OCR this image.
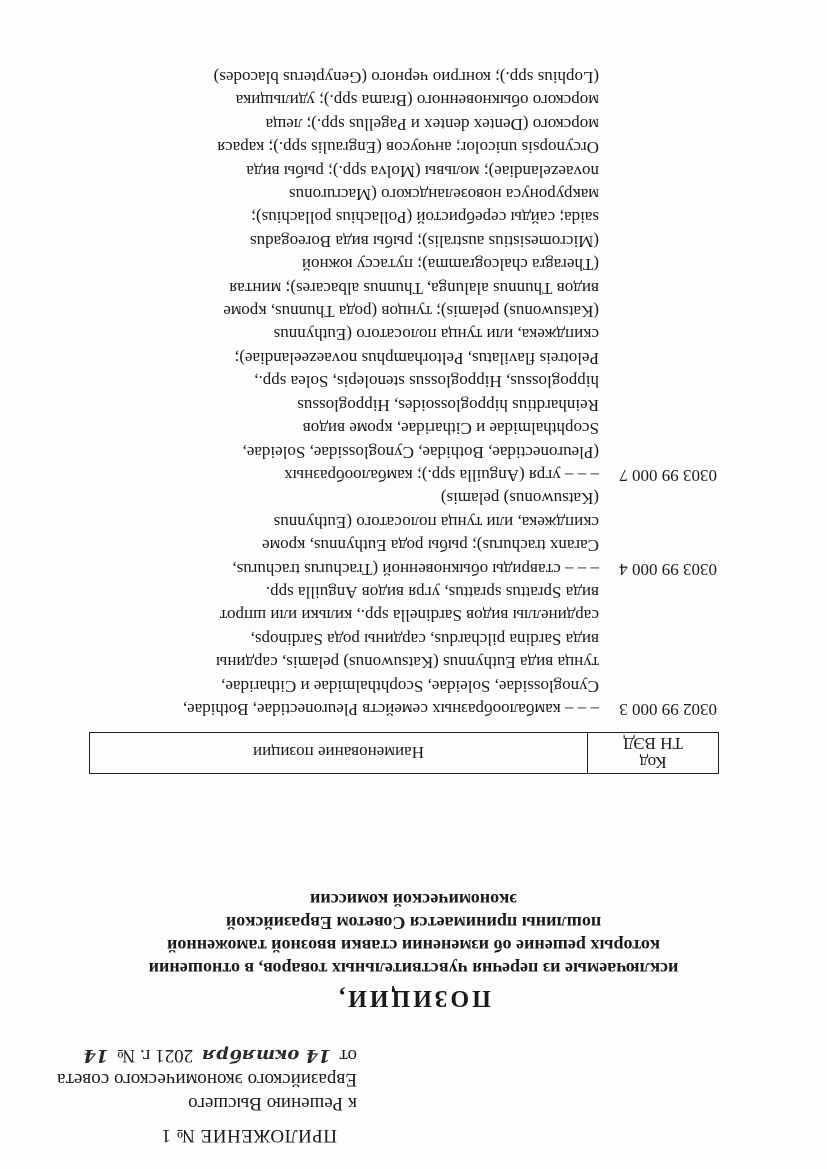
ПРИЛОЖЕНИЕ № 1
к Решению Высшего
Евразийского экономического совета
от 14 октября 2021 г. № 14
ПОЗИЦИИ,
исключаемые из перечня чувствительных товаров, в отношении
которых решение об изменении ставки ввозной таможенной
пошлины принимается Советом Евразийской
экономической комиссии
Код
ТН ВЭД
	Наименование позиции
0302 99 000 3
– – – камбалообразных семейств Pleuronectidae, Bothidae,
Cynoglossidae, Soleidae, Scophthalmidae и Citharidae,
тунца вида Euthynnus (Katsuwonus) pelamis, сардины
вида Sardina pilchardus, сардины рода Sardinops,
сардинеллы видов Sardinella spp., кильки или шпрот
вида Sprattus sprattus, угря видов Anguilla spp.
0303 99 000 4
– – – ставриды обыкновенной (Trachurus trachurus,
Caranx trachurus); рыбы рода Euthynnus, кроме
скипджека, или тунца полосатого (Euthynnus
(Katsuwonus) pelamis)
0303 99 000 7
– – – угря (Anguilla spp.); камбалообразных
(Pleuronectidae, Bothidae, Cynoglossidae, Soleidae,
Scophthalmidae и Citharidae, кроме видов
Reinhardtius hippoglossoides, Hippoglossus
hippoglossus, Hippoglossus stenolepis, Solea spp.,
Pelotreis flavilatus, Peltorhamphus novaezeelandiae);
скипджека, или тунца полосатого (Euthynnus
(Katsuwonus) pelamis); тунцов (рода Thunnus, кроме
видов Thunnus alalunga, Thunnus albacares); минтая
(Theragra chalcogramma); путассу южной
(Micromesistius australis); рыбы вида Boreogadus
saida; сайды серебристой (Pollachius pollachius);
макруронуса новозеландского (Macruronus
novaezelandiae); мольвы (Molva spp.); рыбы вида
Orcynopsis unicolor; анчоусов (Engraulis spp.); карася
морского (Dentex dentex и Pagellus spp.); леща
морского обыкновенного (Brama spp.); удильщика
(Lophius spp.); конгрио черного (Genypterus blacodes)
